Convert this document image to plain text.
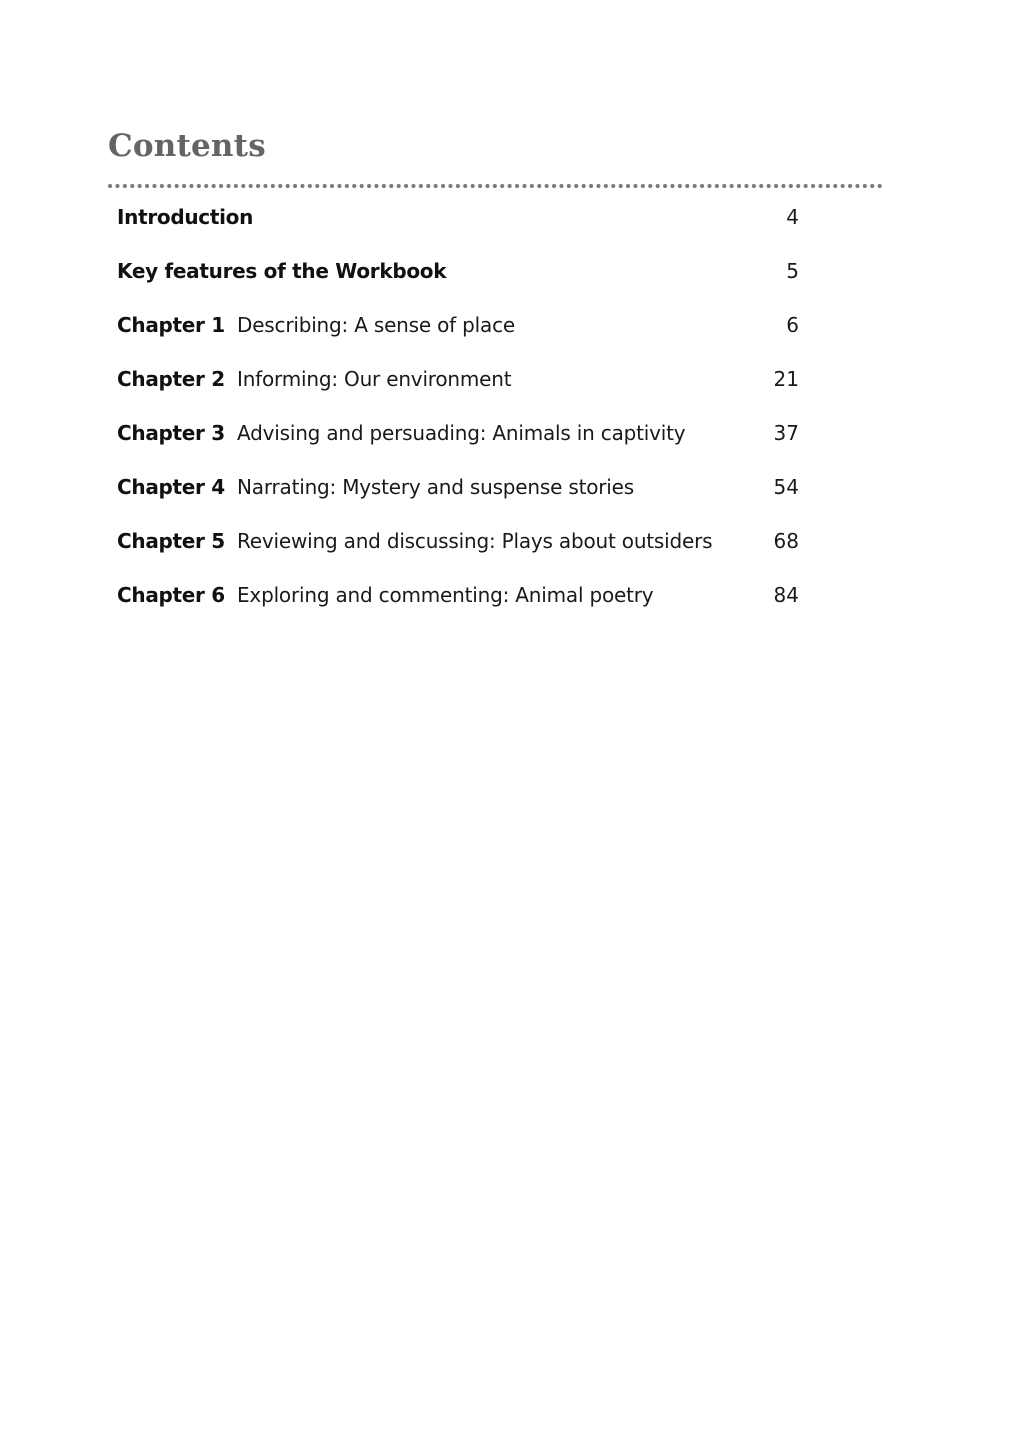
Contents
Introduction	4
Key features of the Workbook	5
Chapter 1 Describing: A sense of place	6
Chapter 2 Informing: Our environment	21
Chapter 3 Advising and persuading: Animals in captivity	37
Chapter 4 Narrating: Mystery and suspense stories	54
Chapter 5 Reviewing and discussing: Plays about outsiders	68
Chapter 6 Exploring and commenting: Animal poetry	84
